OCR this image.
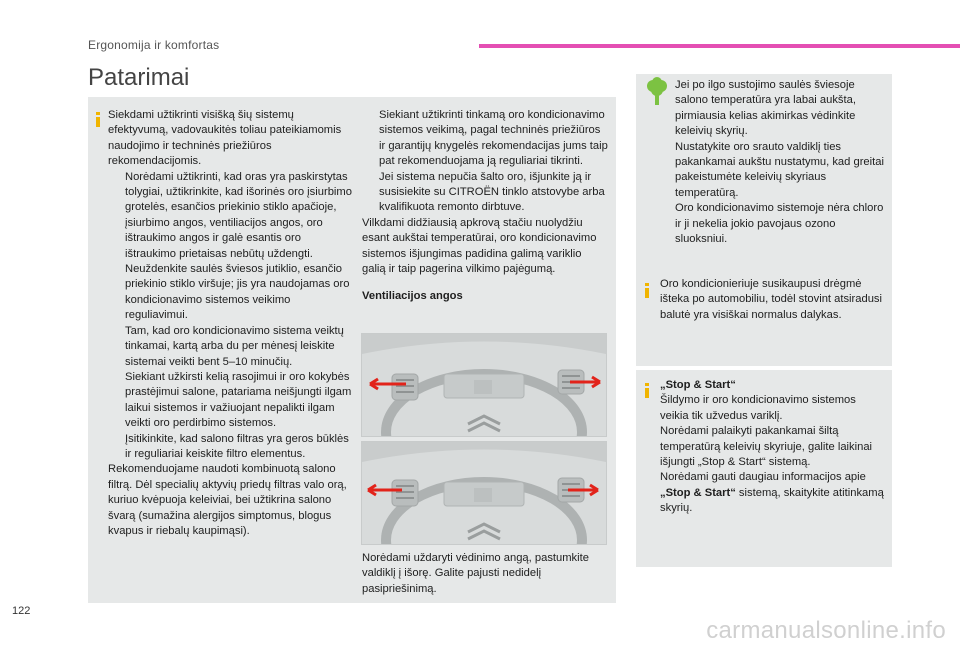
Ergonomija ir komfortas
Patarimai

Siekdami užtikrinti visišką šių sistemų efektyvumą, vadovaukitės toliau pateikiamomis naudojimo ir techninės priežiūros rekomendacijomis.

Norėdami užtikrinti, kad oras yra paskirstytas tolygiai, užtikrinkite, kad išorinės oro įsiurbimo grotelės, esančios priekinio stiklo apačioje, įsiurbimo angos, ventiliacijos angos, oro ištraukimo angos ir galė esantis oro ištraukimo prietaisas nebūtų uždengti.
Neuždenkite saulės šviesos jutiklio, esančio priekinio stiklo viršuje; jis yra naudojamas oro kondicionavimo sistemos veikimo reguliavimui.
Tam, kad oro kondicionavimo sistema veiktų tinkamai, kartą arba du per mėnesį leiskite sistemai veikti bent 5–10 minučių.
Siekiant užkirsti kelią rasojimui ir oro kokybės prastėjimui salone, patariama neišjungti ilgam laikui sistemos ir važiuojant nepalikti ilgam veikti oro perdirbimo sistemos.
Įsitikinkite, kad salono filtras yra geros būklės ir reguliariai keiskite filtro elementus.

Rekomenduojame naudoti kombinuotą salono filtrą. Dėl specialių aktyvių priedų filtras valo orą, kuriuo kvėpuoja keleiviai, bei užtikrina salono švarą (sumažina alergijos simptomus, blogus kvapus ir riebalų kaupimąsi).

Siekiant užtikrinti tinkamą oro kondicionavimo sistemos veikimą, pagal techninės priežiūros ir garantijų knygelės rekomendacijas jums taip pat rekomenduojama ją reguliariai tikrinti.
Jei sistema nepučia šalto oro, išjunkite ją ir susisiekite su CITROËN tinklo atstovybe arba kvalifikuota remonto dirbtuve.

Vilkdami didžiausią apkrovą stačiu nuolydžiu esant aukštai temperatūrai, oro kondicionavimo sistemos išjungimas padidina galimą variklio galią ir taip pagerina vilkimo pajėgumą.

Ventiliacijos angos

Norėdami uždaryti vėdinimo angą, pastumkite valdiklį į išorę. Galite pajusti nedidelį pasipriešinimą.

Jei po ilgo sustojimo saulės šviesoje salono temperatūra yra labai aukšta, pirmiausia kelias akimirkas vėdinkite keleivių skyrių.

Nustatykite oro srauto valdiklį ties pakankamai aukštu nustatymu, kad greitai pakeistumėte keleivių skyriaus temperatūrą.

Oro kondicionavimo sistemoje nėra chloro ir ji nekelia jokio pavojaus ozono sluoksniui.

Oro kondicionieriuje susikaupusi drėgmė išteka po automobiliu, todėl stovint atsiradusi balutė yra visiškai normalus dalykas.

„Stop & Start“

Šildymo ir oro kondicionavimo sistemos veikia tik užvedus variklį.

Norėdami palaikyti pakankamai šiltą temperatūrą keleivių skyriuje, galite laikinai išjungti „Stop & Start“ sistemą.

Norėdami gauti daugiau informacijos apie „Stop & Start“ sistemą, skaitykite atitinkamą skyrių.

122
carmanualsonline.info
